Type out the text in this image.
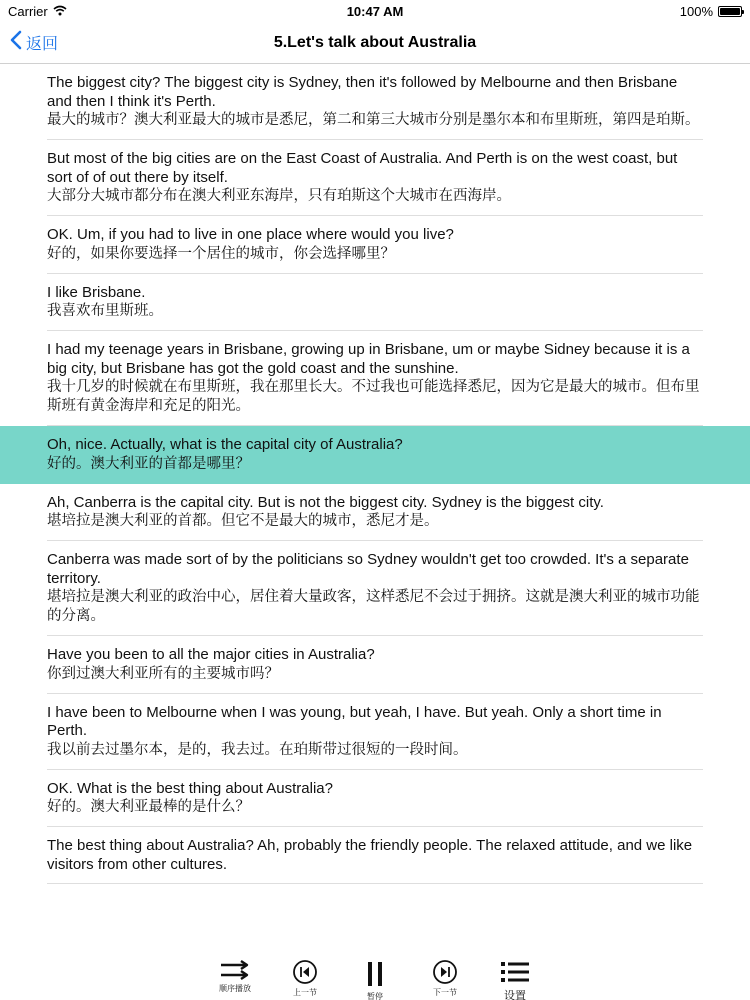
Carrier	10:47 AM	100%
返回	5.Let's talk about Australia
The biggest city? The biggest city is Sydney, then it's followed by Melbourne and then Brisbane and then I think it's Perth.
最大的城市？澳大利亚最大的城市是悉尼，第二和第三大城市分别是墨尔本和布里斯班，第四是珀斯。
But most of the big cities are on the East Coast of Australia. And Perth is on the west coast, but sort of of out there by itself.
大部分大城市都分布在澳大利亚东海岸，只有珀斯这个大城市在西海岸。
OK. Um, if you had to live in one place where would you live?
好的，如果你要选择一个居住的城市，你会选择哪里？
I like Brisbane.
我喜欢布里斯班。
I had my teenage years in Brisbane, growing up in Brisbane, um or maybe Sidney because it is a big city, but Brisbane has got the gold coast and the sunshine.
我十几岁的时候就在布里斯班，我在那里长大。不过我也可能选择悉尼，因为它是最大的城市。但布里斯班有黄金海岸和充足的阳光。
Oh, nice. Actually, what is the capital city of Australia?
好的。澳大利亚的首都是哪里？
Ah, Canberra is the capital city. But is not the biggest city. Sydney is the biggest city.
堪培拉是澳大利亚的首都。但它不是最大的城市，悉尼才是。
Canberra was made sort of by the politicians so Sydney wouldn't get too crowded. It's a separate territory.
堪培拉是澳大利亚的政治中心，居住着大量政客，这样悉尼不会过于拥挤。这就是澳大利亚的城市功能的分离。
Have you been to all the major cities in Australia?
你到过澳大利亚所有的主要城市吗？
I have been to Melbourne when I was young, but yeah, I have. But yeah. Only a short time in Perth.
我以前去过墨尔本，是的，我去过。在珀斯带过很短的一段时间。
OK. What is the best thing about Australia?
好的。澳大利亚最棒的是什么？
The best thing about Australia? Ah, probably the friendly people. The relaxed attitude, and we like visitors from other cultures.
顺序播放	上一节	暂停	下一节	设置
